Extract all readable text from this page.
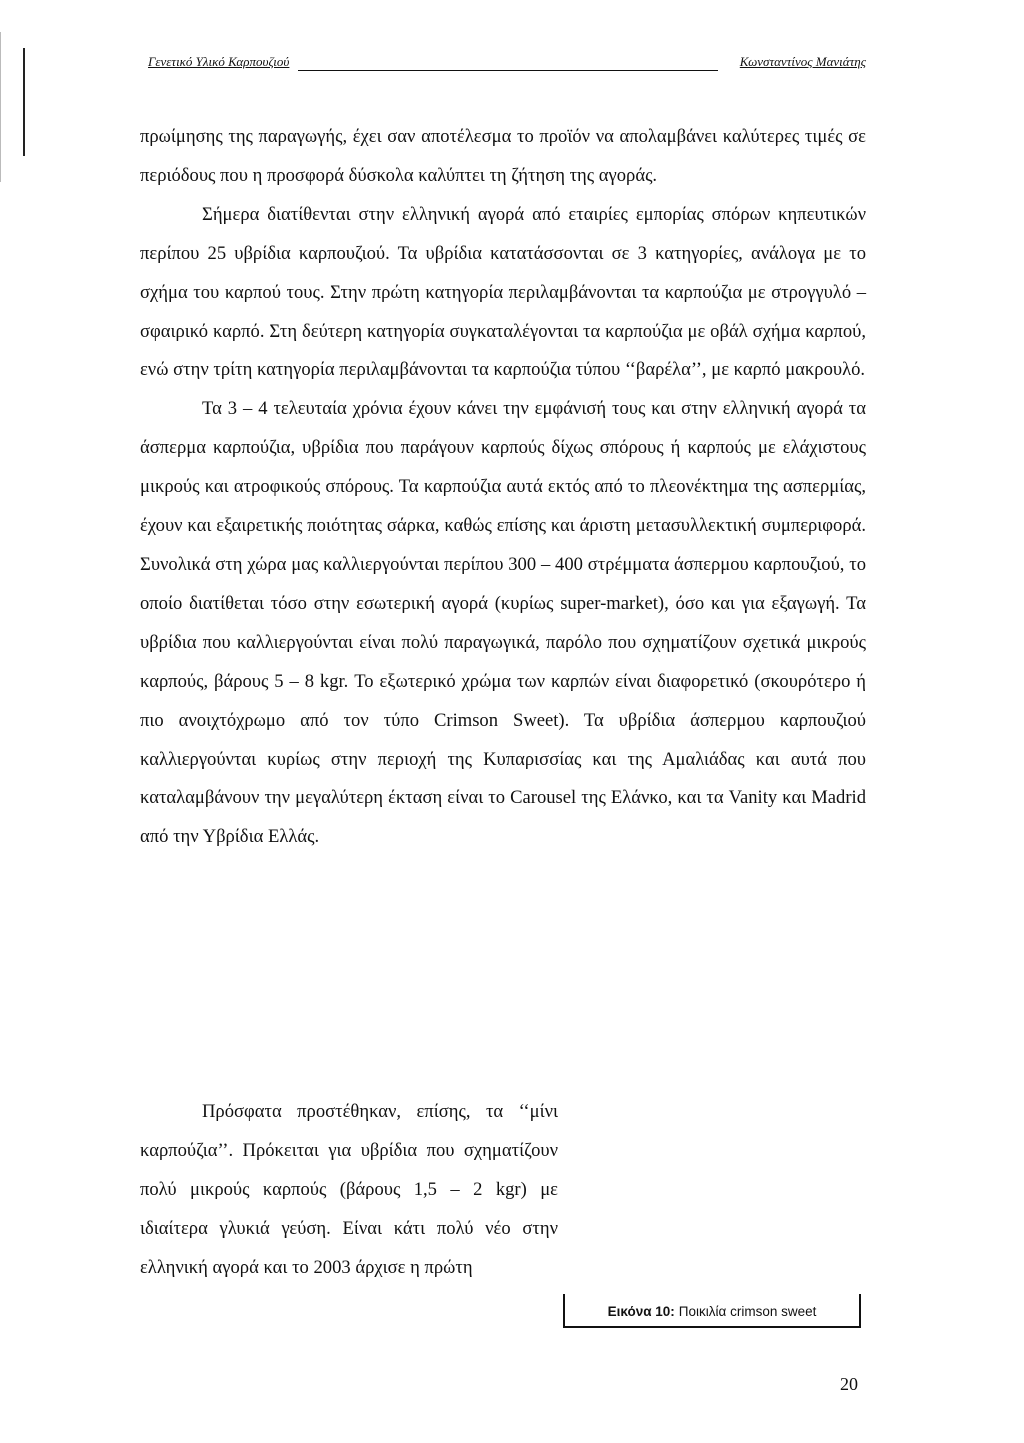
Γενετικό Υλικό Καρπουζιού	Κωνσταντίνος Μανιάτης

πρωίμησης της παραγωγής, έχει σαν αποτέλεσμα το προϊόν να απολαμβάνει καλύτερες τιμές σε περιόδους που η προσφορά δύσκολα καλύπτει τη ζήτηση της αγοράς.

Σήμερα διατίθενται στην ελληνική αγορά από εταιρίες εμπορίας σπόρων κηπευτικών περίπου 25 υβρίδια καρπουζιού. Τα υβρίδια κατατάσσονται σε 3 κατηγορίες, ανάλογα με το σχήμα του καρπού τους. Στην πρώτη κατηγορία περιλαμβάνονται τα καρπούζια με στρογγυλό – σφαιρικό καρπό. Στη δεύτερη κατηγορία συγκαταλέγονται τα καρπούζια με οβάλ σχήμα καρπού, ενώ στην τρίτη κατηγορία περιλαμβάνονται τα καρπούζια τύπου ‘‘βαρέλα’’, με καρπό μακρουλό.

Τα 3 – 4 τελευταία χρόνια έχουν κάνει την εμφάνισή τους και στην ελληνική αγορά τα άσπερμα καρπούζια, υβρίδια που παράγουν καρπούς δίχως σπόρους ή καρπούς με ελάχιστους μικρούς και ατροφικούς σπόρους. Τα καρπούζια αυτά εκτός από το πλεονέκτημα της ασπερμίας, έχουν και εξαιρετικής ποιότητας σάρκα, καθώς επίσης και άριστη μετασυλλεκτική συμπεριφορά. Συνολικά στη χώρα μας καλλιεργούνται περίπου 300 – 400 στρέμματα άσπερμου καρπουζιού, το οποίο διατίθεται τόσο στην εσωτερική αγορά (κυρίως super-market), όσο και για εξαγωγή. Τα υβρίδια που καλλιεργούνται είναι πολύ παραγωγικά, παρόλο που σχηματίζουν σχετικά μικρούς καρπούς, βάρους 5 – 8 kgr. Το εξωτερικό χρώμα των καρπών είναι διαφορετικό (σκουρότερο ή πιο ανοιχτόχρωμο από τον τύπο Crimson Sweet). Τα υβρίδια άσπερμου καρπουζιού καλλιεργούνται κυρίως στην περιοχή της Κυπαρισσίας και της Αμαλιάδας και αυτά που καταλαμβάνουν την μεγαλύτερη έκταση είναι το Carousel της Ελάνκο, και τα Vanity και Madrid από την Υβρίδια Ελλάς.

Πρόσφατα προστέθηκαν, επίσης, τα ‘‘μίνι καρπούζια’’. Πρόκειται για υβρίδια που σχηματίζουν πολύ μικρούς καρπούς (βάρους 1,5 – 2 kgr) με ιδιαίτερα γλυκιά γεύση. Είναι κάτι πολύ νέο στην ελληνική αγορά και το 2003 άρχισε η πρώτη

Εικόνα 10: Ποικιλία crimson sweet
20
